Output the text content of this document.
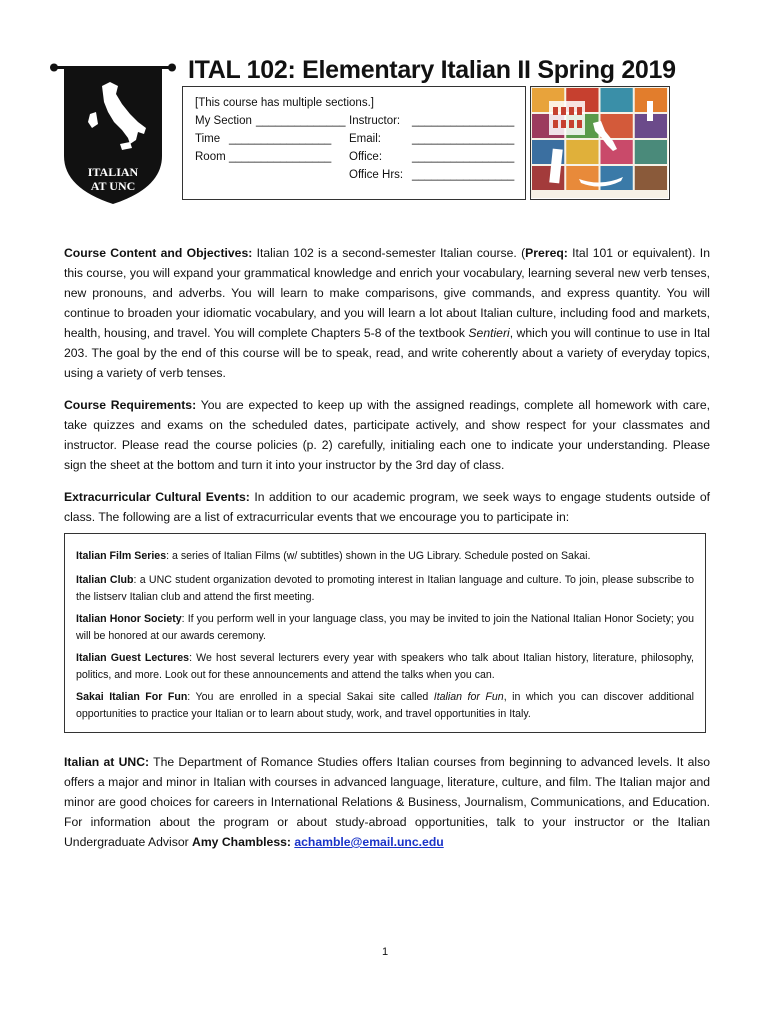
ITALIAN
AT UNC
ITAL 102: Elementary Italian II Spring 2019
[This course has multiple sections.]
My Section ______________ Instructor: ________________
Time ________________ Email:	________________
Room ________________ Office:	________________
Office Hrs: ________________
Course Content and Objectives: Italian 102 is a second-semester Italian course. (Prereq: Ital 101 or equivalent). In this course, you will expand your grammatical knowledge and enrich your vocabulary, learning several new verb tenses, new pronouns, and adverbs. You will learn to make comparisons, give commands, and express quantity. You will continue to broaden your idiomatic vocabulary, and you will learn a lot about Italian culture, including food and markets, health, housing, and travel. You will complete Chapters 5-8 of the textbook Sentieri, which you will continue to use in Ital 203. The goal by the end of this course will be to speak, read, and write coherently about a variety of everyday topics, using a variety of verb tenses.
Course Requirements: You are expected to keep up with the assigned readings, complete all homework with care, take quizzes and exams on the scheduled dates, participate actively, and show respect for your classmates and instructor. Please read the course policies (p. 2) carefully, initialing each one to indicate your understanding. Please sign the sheet at the bottom and turn it into your instructor by the 3rd day of class.
Extracurricular Cultural Events: In addition to our academic program, we seek ways to engage students outside of class. The following are a list of extracurricular events that we encourage you to participate in:
Italian Film Series: a series of Italian Films (w/ subtitles) shown in the UG Library. Schedule posted on Sakai.
Italian Club: a UNC student organization devoted to promoting interest in Italian language and culture. To join, please subscribe to the listserv Italian club and attend the first meeting.
Italian Honor Society: If you perform well in your language class, you may be invited to join the National Italian Honor Society; you will be honored at our awards ceremony.
Italian Guest Lectures: We host several lecturers every year with speakers who talk about Italian history, literature, philosophy, politics, and more. Look out for these announcements and attend the talks when you can.
Sakai Italian For Fun: You are enrolled in a special Sakai site called Italian for Fun, in which you can discover additional opportunities to practice your Italian or to learn about study, work, and travel opportunities in Italy.
Italian at UNC: The Department of Romance Studies offers Italian courses from beginning to advanced levels. It also offers a major and minor in Italian with courses in advanced language, literature, culture, and film. The Italian major and minor are good choices for careers in International Relations & Business, Journalism, Communications, and Education. For information about the program or about study-abroad opportunities, talk to your instructor or the Italian Undergraduate Advisor Amy Chambless: achamble@email.unc.edu
1
